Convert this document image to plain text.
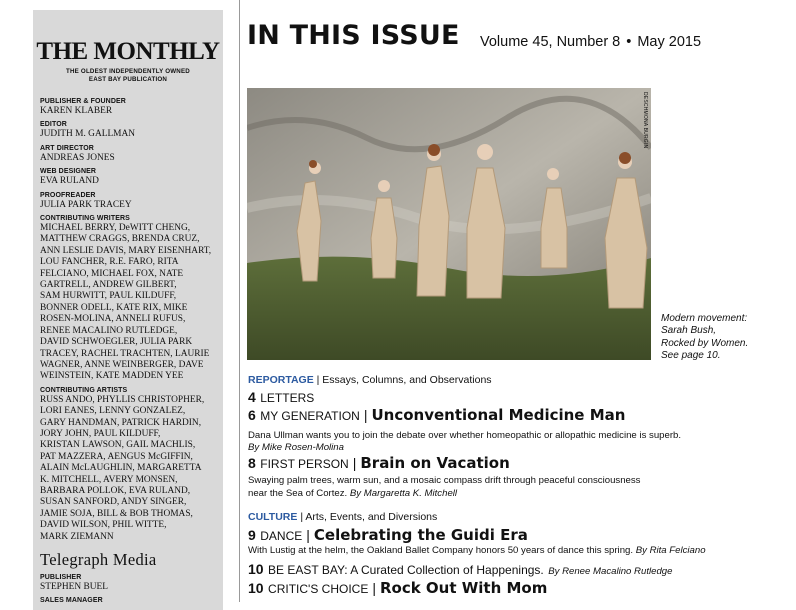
THE MONTHLY
THE OLDEST INDEPENDENTLY OWNED
EAST BAY PUBLICATION
PUBLISHER & FOUNDER
KAREN KLABER
EDITOR
JUDITH M. GALLMAN
ART DIRECTOR
ANDREAS JONES
WEB DESIGNER
EVA RULAND
PROOFREADER
JULIA PARK TRACEY
CONTRIBUTING WRITERS
MICHAEL BERRY, DeWITT CHENG,
MATTHEW CRAGGS, BRENDA CRUZ,
ANN LESLIE DAVIS, MARY EISENHART,
LOU FANCHER, R.E. FARO, RITA
FELCIANO, MICHAEL FOX, NATE
GARTRELL, ANDREW GILBERT,
SAM HURWITT, PAUL KILDUFF,
BONNER ODELL, KATE RIX, MIKE
ROSEN-MOLINA, ANNELI RUFUS,
RENEE MACALINO RUTLEDGE,
DAVID SCHWOEGLER, JULIA PARK
TRACEY, RACHEL TRACHTEN, LAURIE
WAGNER, ANNE WEINBERGER, DAVE
WEINSTEIN, KATE MADDEN YEE
CONTRIBUTING ARTISTS
RUSS ANDO, PHYLLIS CHRISTOPHER,
LORI EANES, LENNY GONZALEZ,
GARY HANDMAN, PATRICK HARDIN,
JORY JOHN, PAUL KILDUFF,
KRISTAN LAWSON, GAIL MACHLIS,
PAT MAZZERA, AENGUS McGIFFIN,
ALAIN McLAUGHLIN, MARGARETTA
K. MITCHELL, AVERY MONSEN,
BARBARA POLLOK, EVA RULAND,
SUSAN SANFORD, ANDY SINGER,
JAMIE SOJA, BILL & BOB THOMAS,
DAVID WILSON, PHIL WITTE,
MARK ZIEMANN
Telegraph Media
PUBLISHER
STEPHEN BUEL
SALES MANAGER
IN THIS ISSUE Volume 45, Number 8 • May 2015
DESCHMONA BURGIN
Modern movement:
Sarah Bush,
Rocked by Women.
See page 10.
REPORTAGE | Essays, Columns, and Observations
4 LETTERS
6 MY GENERATION | Unconventional Medicine Man
Dana Ullman wants you to join the debate over whether homeopathic or allopathic medicine is superb.
By Mike Rosen-Molina
8 FIRST PERSON | Brain on Vacation
Swaying palm trees, warm sun, and a mosaic compass drift through peaceful consciousness
near the Sea of Cortez. By Margaretta K. Mitchell
CULTURE | Arts, Events, and Diversions
9 DANCE | Celebrating the Guidi Era
With Lustig at the helm, the Oakland Ballet Company honors 50 years of dance this spring. By Rita Felciano
10 BE EAST BAY: A Curated Collection of Happenings. By Renee Macalino Rutledge
10 CRITIC'S CHOICE | Rock Out With Mom
